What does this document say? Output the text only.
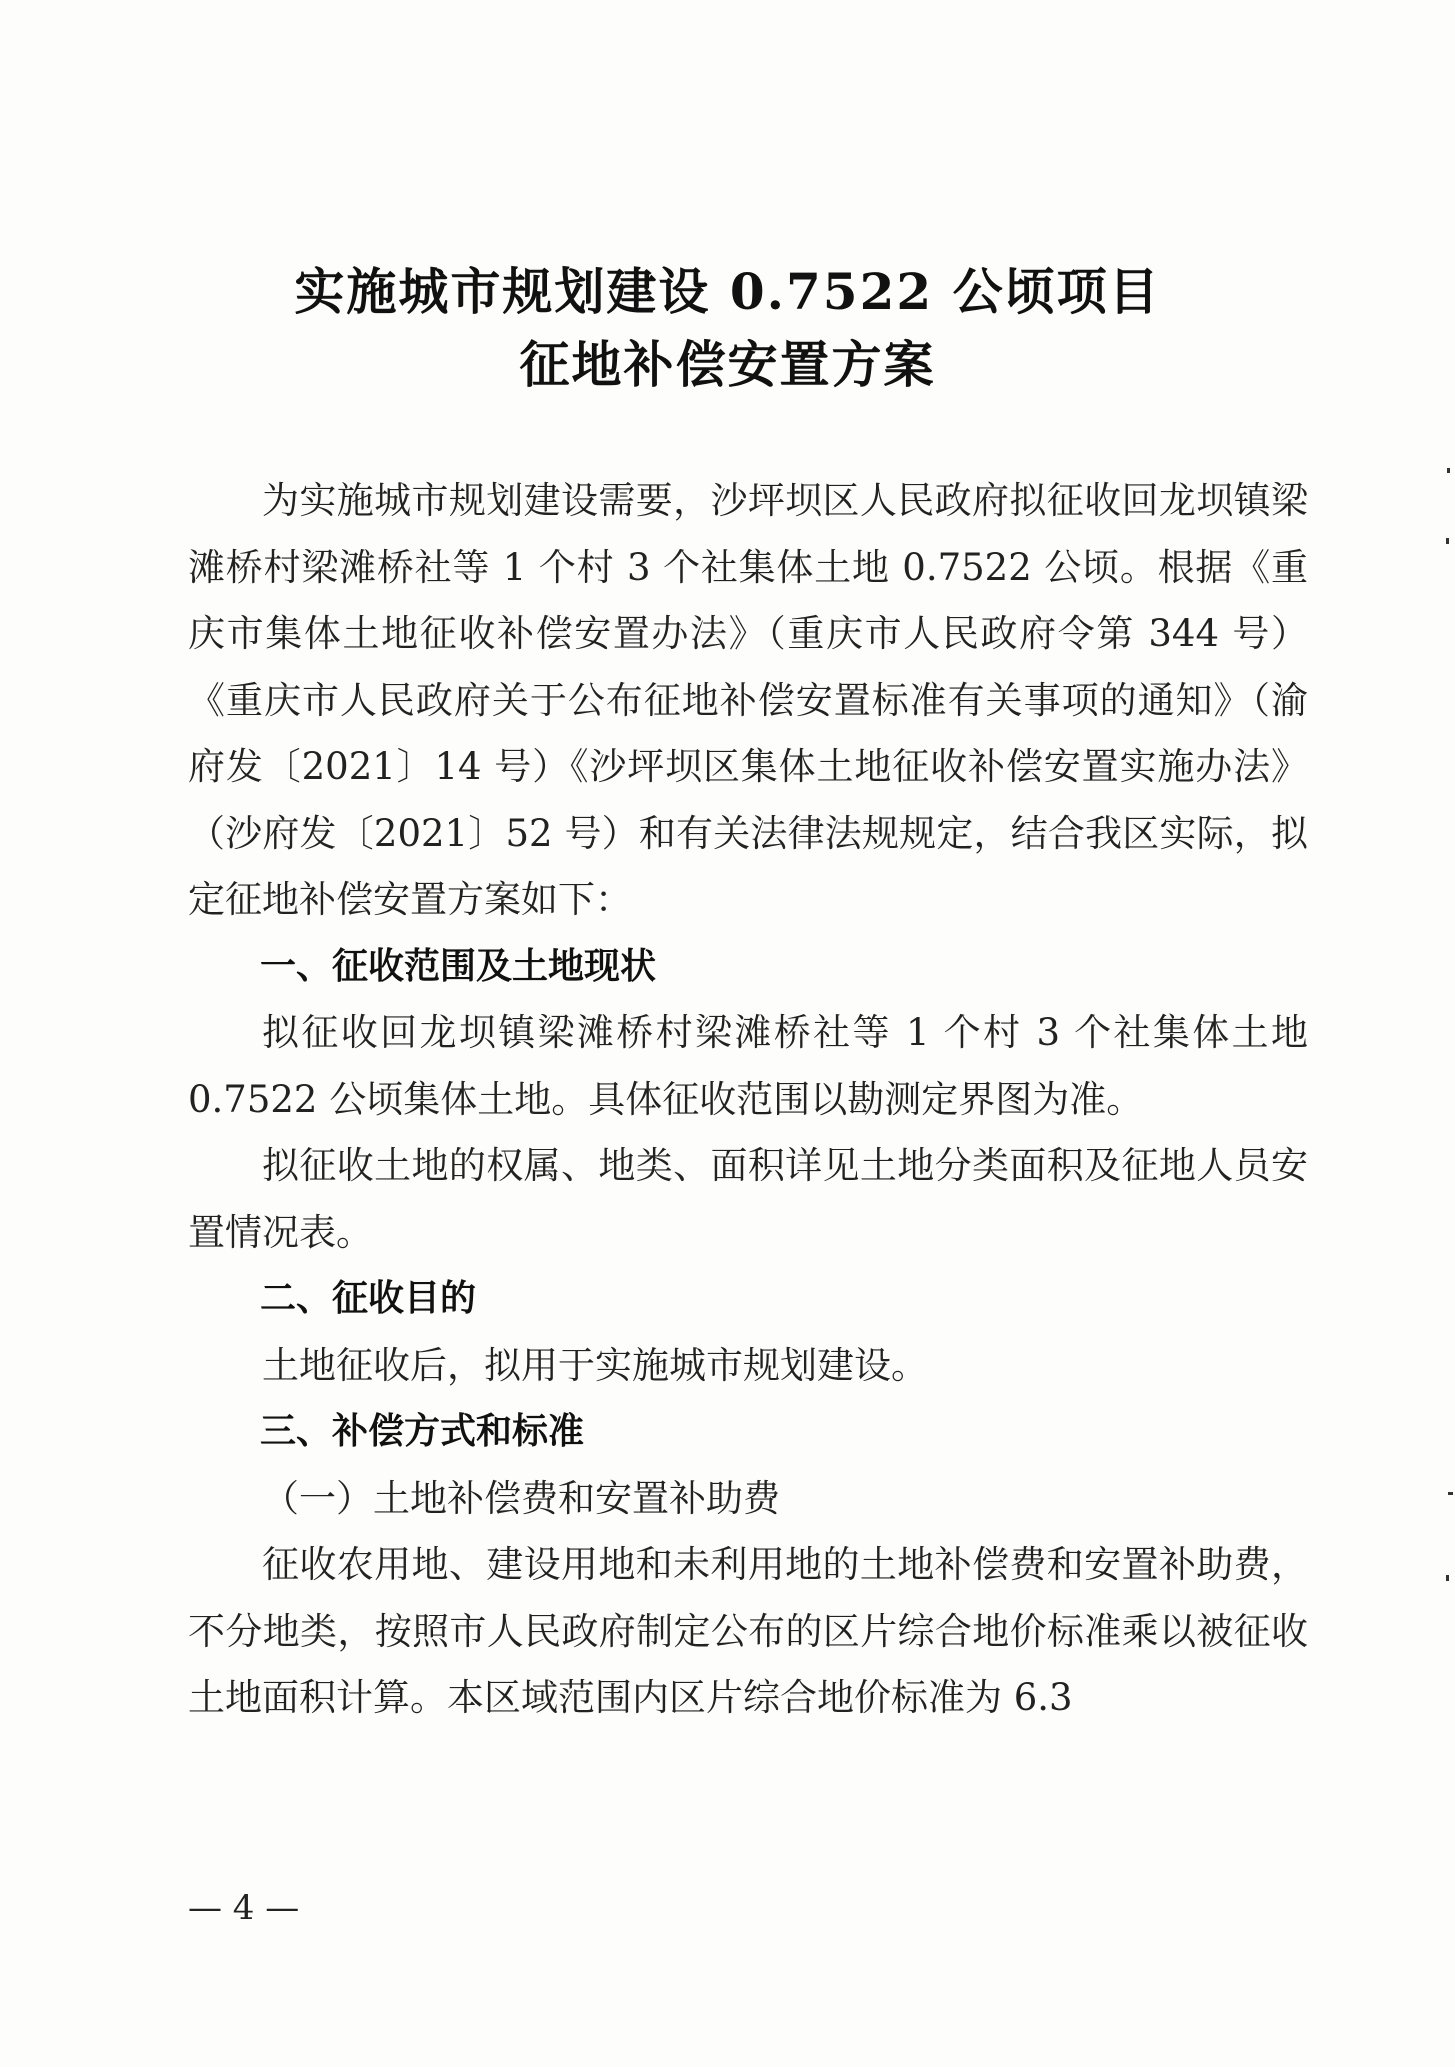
实施城市规划建设 0.7522 公顷项目
征地补偿安置方案

为实施城市规划建设需要，沙坪坝区人民政府拟征收回龙坝镇梁滩桥村梁滩桥社等 1 个村 3 个社集体土地 0.7522 公顷。根据《重庆市集体土地征收补偿安置办法》（重庆市人民政府令第 344 号）《重庆市人民政府关于公布征地补偿安置标准有关事项的通知》（渝府发〔2021〕14 号）《沙坪坝区集体土地征收补偿安置实施办法》（沙府发〔2021〕52 号）和有关法律法规规定，结合我区实际，拟定征地补偿安置方案如下：

一、征收范围及土地现状

拟征收回龙坝镇梁滩桥村梁滩桥社等 1 个村 3 个社集体土地 0.7522 公顷集体土地。具体征收范围以勘测定界图为准。

拟征收土地的权属、地类、面积详见土地分类面积及征地人员安置情况表。

二、征收目的

土地征收后，拟用于实施城市规划建设。

三、补偿方式和标准

（一）土地补偿费和安置补助费

征收农用地、建设用地和未利用地的土地补偿费和安置补助费，不分地类，按照市人民政府制定公布的区片综合地价标准乘以被征收土地面积计算。本区域范围内区片综合地价标准为 6.3

— 4 —
